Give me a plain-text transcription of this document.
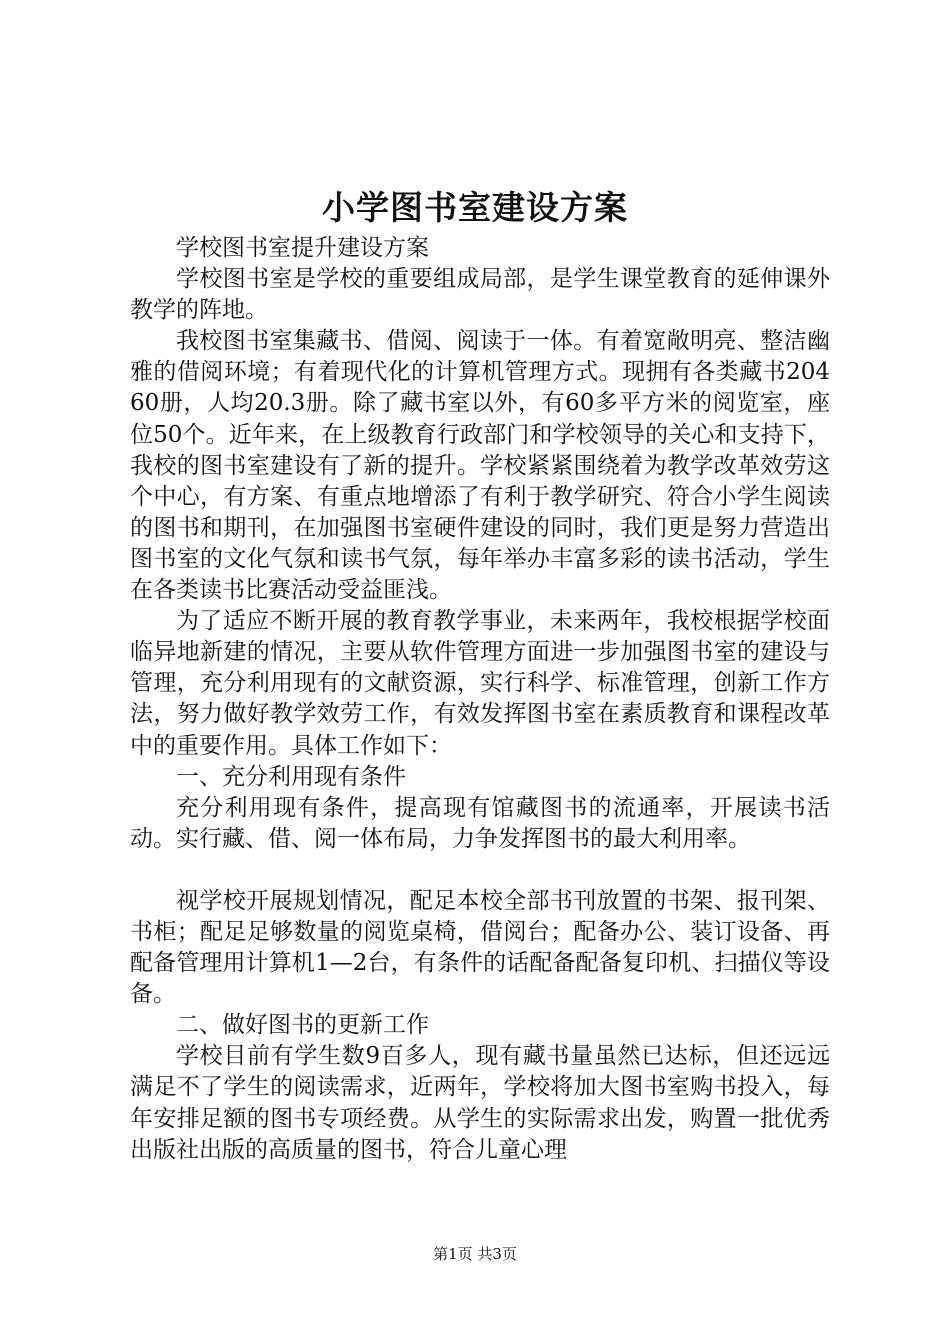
小学图书室建设方案

学校图书室提升建设方案

学校图书室是学校的重要组成局部，是学生课堂教育的延伸课外教学的阵地。

我校图书室集藏书、借阅、阅读于一体。有着宽敞明亮、整洁幽雅的借阅环境；有着现代化的计算机管理方式。现拥有各类藏书20460册，人均20.3册。除了藏书室以外，有60多平方米的阅览室，座位50个。近年来，在上级教育行政部门和学校领导的关心和支持下，我校的图书室建设有了新的提升。学校紧紧围绕着为教学改革效劳这个中心，有方案、有重点地增添了有利于教学研究、符合小学生阅读的图书和期刊，在加强图书室硬件建设的同时，我们更是努力营造出图书室的文化气氛和读书气氛，每年举办丰富多彩的读书活动，学生在各类读书比赛活动受益匪浅。

为了适应不断开展的教育教学事业，未来两年，我校根据学校面临异地新建的情况，主要从软件管理方面进一步加强图书室的建设与管理，充分利用现有的文献资源，实行科学、标准管理，创新工作方法，努力做好教学效劳工作，有效发挥图书室在素质教育和课程改革中的重要作用。具体工作如下：

一、充分利用现有条件

充分利用现有条件，提高现有馆藏图书的流通率，开展读书活动。实行藏、借、阅一体布局，力争发挥图书的最大利用率。

视学校开展规划情况，配足本校全部书刊放置的书架、报刊架、书柜；配足足够数量的阅览桌椅，借阅台；配备办公、装订设备、再配备管理用计算机1—2台，有条件的话配备配备复印机、扫描仪等设备。

二、做好图书的更新工作

学校目前有学生数9百多人，现有藏书量虽然已达标，但还远远满足不了学生的阅读需求，近两年，学校将加大图书室购书投入，每年安排足额的图书专项经费。从学生的实际需求出发，购置一批优秀出版社出版的高质量的图书，符合儿童心理

第1页 共3页
